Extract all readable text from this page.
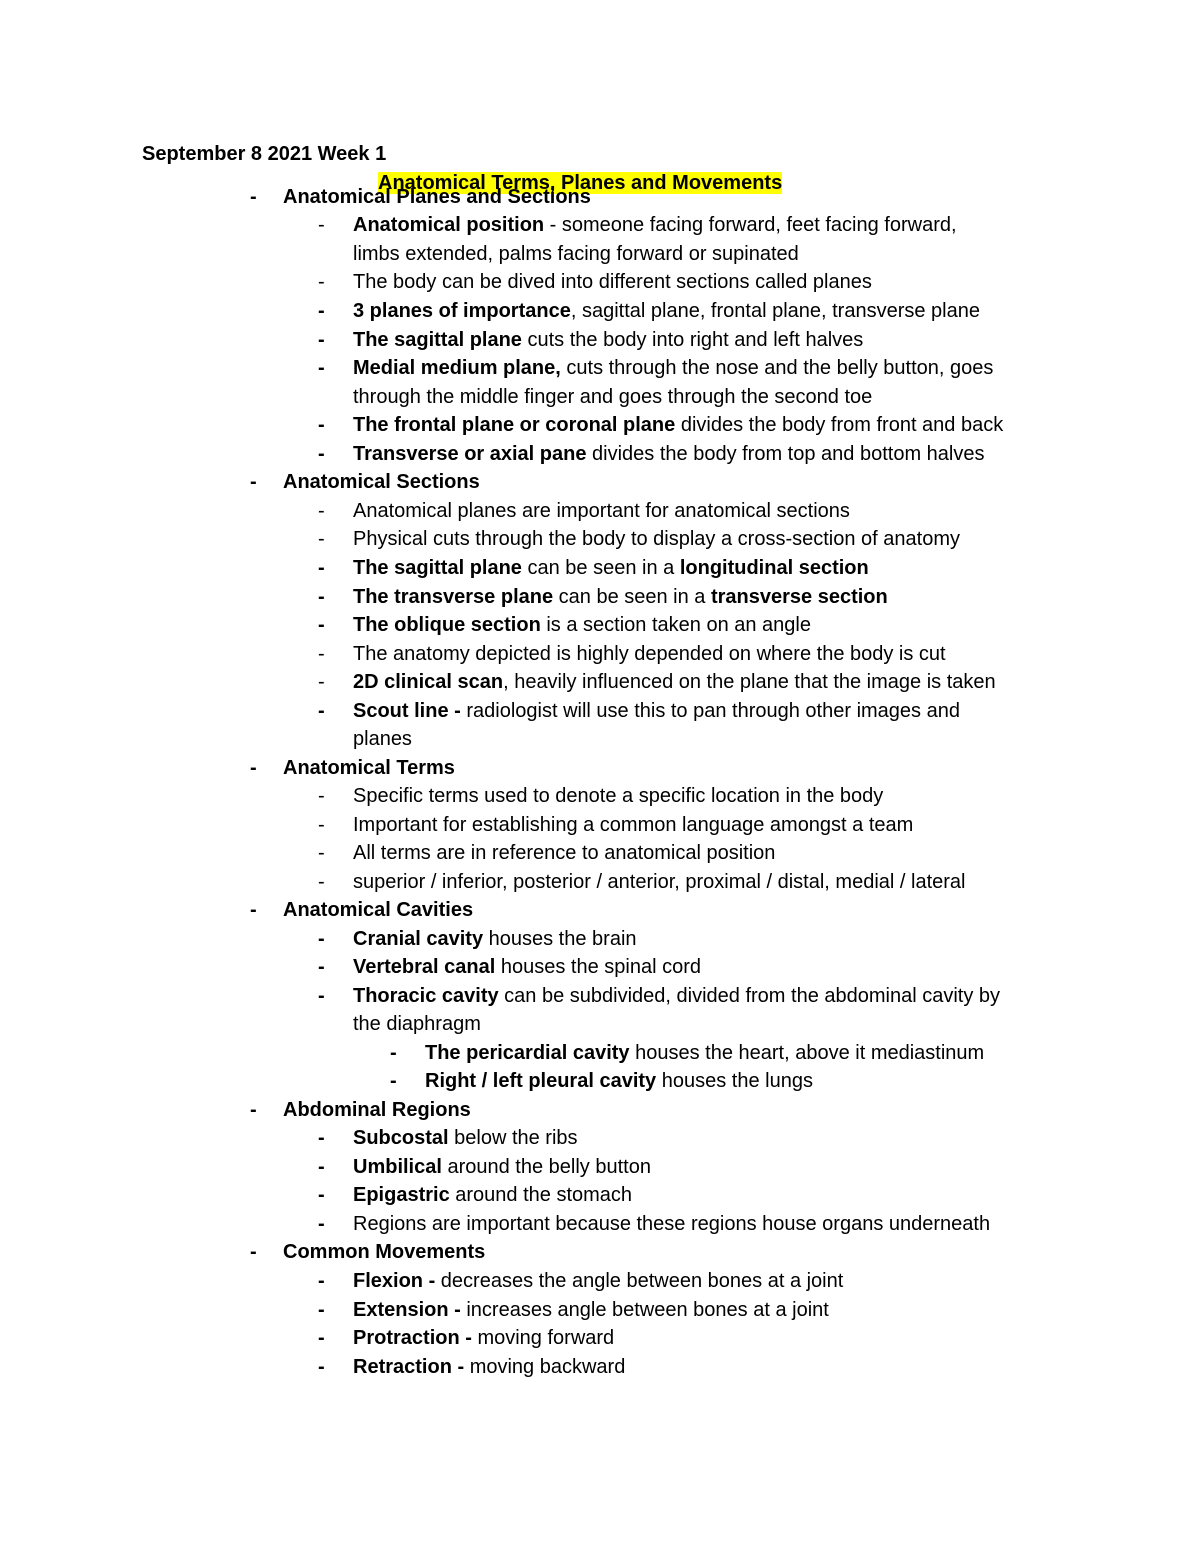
September 8 2021 Week 1
Anatomical Terms, Planes and Movements
- Anatomical Planes and Sections
- Anatomical position - someone facing forward, feet facing forward,
limbs extended, palms facing forward or supinated
- The body can be dived into different sections called planes
- 3 planes of importance, sagittal plane, frontal plane, transverse plane
- The sagittal plane cuts the body into right and left halves
- Medial medium plane, cuts through the nose and the belly button, goes
through the middle finger and goes through the second toe
- The frontal plane or coronal plane divides the body from front and back
- Transverse or axial pane divides the body from top and bottom halves
- Anatomical Sections
- Anatomical planes are important for anatomical sections
- Physical cuts through the body to display a cross-section of anatomy
- The sagittal plane can be seen in a longitudinal section
- The transverse plane can be seen in a transverse section
- The oblique section is a section taken on an angle
- The anatomy depicted is highly depended on where the body is cut
- 2D clinical scan, heavily influenced on the plane that the image is taken
- Scout line - radiologist will use this to pan through other images and
planes
- Anatomical Terms
- Specific terms used to denote a specific location in the body
- Important for establishing a common language amongst a team
- All terms are in reference to anatomical position
- superior / inferior, posterior / anterior, proximal / distal, medial / lateral
- Anatomical Cavities
- Cranial cavity houses the brain
- Vertebral canal houses the spinal cord
- Thoracic cavity can be subdivided, divided from the abdominal cavity by
the diaphragm
- The pericardial cavity houses the heart, above it mediastinum
- Right / left pleural cavity houses the lungs
- Abdominal Regions
- Subcostal below the ribs
- Umbilical around the belly button
- Epigastric around the stomach
- Regions are important because these regions house organs underneath
- Common Movements
- Flexion - decreases the angle between bones at a joint
- Extension - increases angle between bones at a joint
- Protraction - moving forward
- Retraction - moving backward
